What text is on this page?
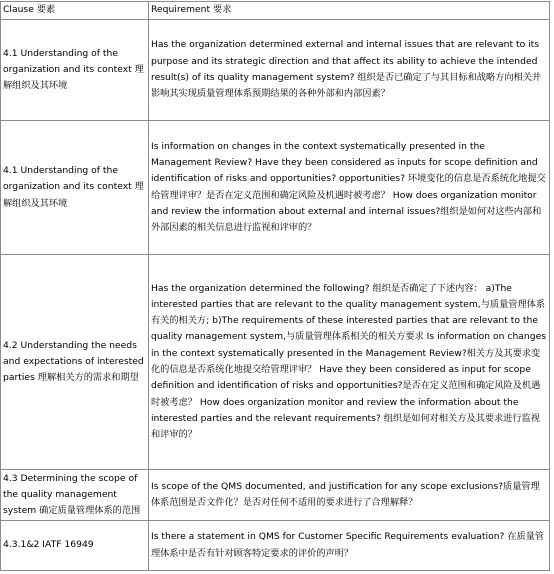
Clause 要素	Requirement 要求
4.1 Understanding of the organization and its context 理解组织及其环境	Has the organization determined external and internal issues that are relevant to its purpose and its strategic direction and that affect its ability to achieve the intended result(s) of its quality management system? 组织是否已确定了与其目标和战略方向相关并影响其实现质量管理体系预期结果的各种外部和内部因素？
4.1 Understanding of the organization and its context 理解组织及其环境	Is information on changes in the context systematically presented in the Management Review? Have they been considered as inputs for scope definition and identification of risks and opportunities? opportunities? 环境变化的信息是否系统化地提交给管理评审？是否在定义范围和确定风险及机遇时被考虑？ How does organization monitor and review the information about external and internal issues?组织是如何对这些内部和外部因素的相关信息进行监视和评审的？
4.2 Understanding the needs and expectations of interested parties 理解相关方的需求和期望	Has the organization determined the following? 组织是否确定了下述内容： a)The interested parties that are relevant to the quality management system,与质量管理体系有关的相关方; b)The requirements of these interested parties that are relevant to the quality management system,与质量管理体系相关的相关方要求 Is information on changes in the context systematically presented in the Management Review?相关方及其要求变化的信息是否系统化地提交给管理评审？ Have they been considered as input for scope definition and identification of risks and opportunities?是否在定义范围和确定风险及机遇时被考虑？ How does organization monitor and review the information about the interested parties and the relevant requirements? 组织是如何对相关方及其要求进行监视和评审的？
4.3 Determining the scope of the quality management system 确定质量管理体系的范围	Is scope of the QMS documented, and justification for any scope exclusions?质量管理体系范围是否文件化？是否对任何不适用的要求进行了合理解释？
4.3.1&2 IATF 16949	Is there a statement in QMS for Customer Specific Requirements evaluation? 在质量管理体系中是否有针对顾客特定要求的评价的声明？
